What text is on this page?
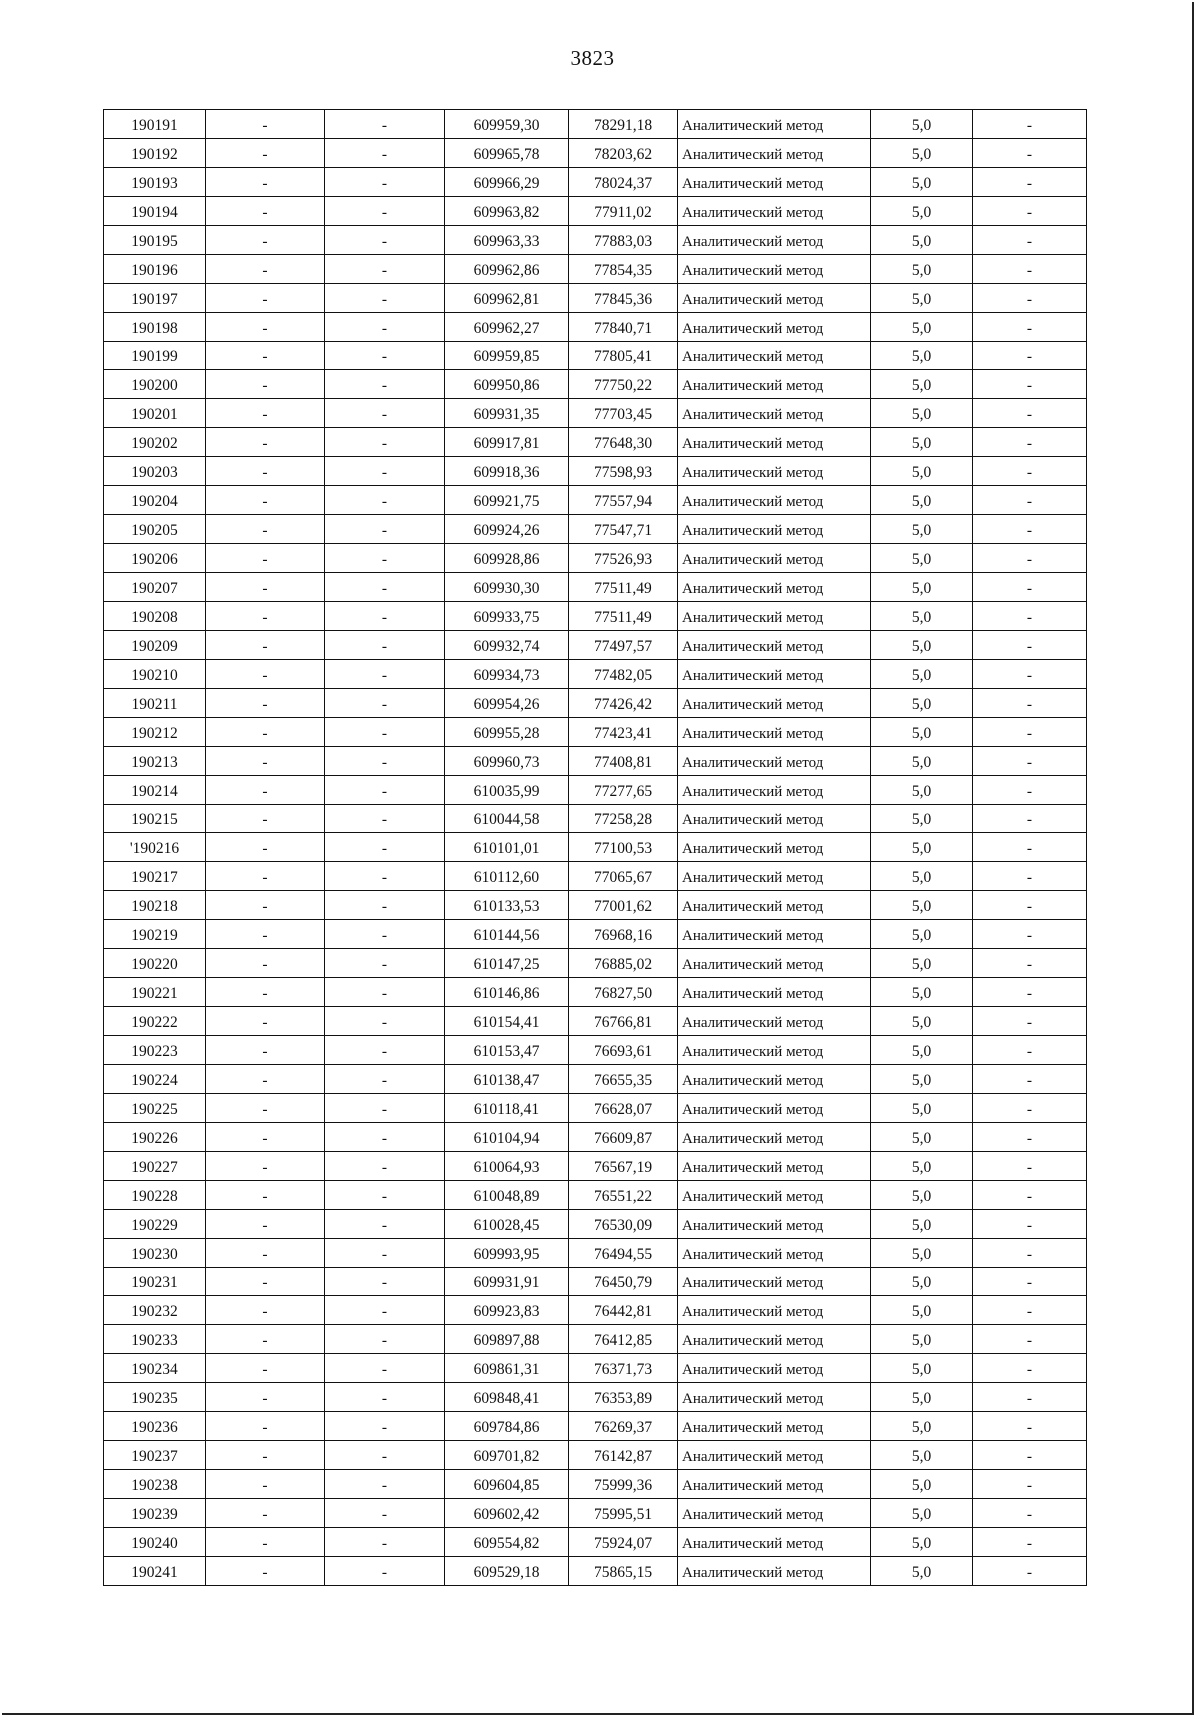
3823
190191	-	-	609959,30	78291,18	Аналитический метод	5,0	-
190192	-	-	609965,78	78203,62	Аналитический метод	5,0	-
190193	-	-	609966,29	78024,37	Аналитический метод	5,0	-
190194	-	-	609963,82	77911,02	Аналитический метод	5,0	-
190195	-	-	609963,33	77883,03	Аналитический метод	5,0	-
190196	-	-	609962,86	77854,35	Аналитический метод	5,0	-
190197	-	-	609962,81	77845,36	Аналитический метод	5,0	-
190198	-	-	609962,27	77840,71	Аналитический метод	5,0	-
190199	-	-	609959,85	77805,41	Аналитический метод	5,0	-
190200	-	-	609950,86	77750,22	Аналитический метод	5,0	-
190201	-	-	609931,35	77703,45	Аналитический метод	5,0	-
190202	-	-	609917,81	77648,30	Аналитический метод	5,0	-
190203	-	-	609918,36	77598,93	Аналитический метод	5,0	-
190204	-	-	609921,75	77557,94	Аналитический метод	5,0	-
190205	-	-	609924,26	77547,71	Аналитический метод	5,0	-
190206	-	-	609928,86	77526,93	Аналитический метод	5,0	-
190207	-	-	609930,30	77511,49	Аналитический метод	5,0	-
190208	-	-	609933,75	77511,49	Аналитический метод	5,0	-
190209	-	-	609932,74	77497,57	Аналитический метод	5,0	-
190210	-	-	609934,73	77482,05	Аналитический метод	5,0	-
190211	-	-	609954,26	77426,42	Аналитический метод	5,0	-
190212	-	-	609955,28	77423,41	Аналитический метод	5,0	-
190213	-	-	609960,73	77408,81	Аналитический метод	5,0	-
190214	-	-	610035,99	77277,65	Аналитический метод	5,0	-
190215	-	-	610044,58	77258,28	Аналитический метод	5,0	-
'190216	-	-	610101,01	77100,53	Аналитический метод	5,0	-
190217	-	-	610112,60	77065,67	Аналитический метод	5,0	-
190218	-	-	610133,53	77001,62	Аналитический метод	5,0	-
190219	-	-	610144,56	76968,16	Аналитический метод	5,0	-
190220	-	-	610147,25	76885,02	Аналитический метод	5,0	-
190221	-	-	610146,86	76827,50	Аналитический метод	5,0	-
190222	-	-	610154,41	76766,81	Аналитический метод	5,0	-
190223	-	-	610153,47	76693,61	Аналитический метод	5,0	-
190224	-	-	610138,47	76655,35	Аналитический метод	5,0	-
190225	-	-	610118,41	76628,07	Аналитический метод	5,0	-
190226	-	-	610104,94	76609,87	Аналитический метод	5,0	-
190227	-	-	610064,93	76567,19	Аналитический метод	5,0	-
190228	-	-	610048,89	76551,22	Аналитический метод	5,0	-
190229	-	-	610028,45	76530,09	Аналитический метод	5,0	-
190230	-	-	609993,95	76494,55	Аналитический метод	5,0	-
190231	-	-	609931,91	76450,79	Аналитический метод	5,0	-
190232	-	-	609923,83	76442,81	Аналитический метод	5,0	-
190233	-	-	609897,88	76412,85	Аналитический метод	5,0	-
190234	-	-	609861,31	76371,73	Аналитический метод	5,0	-
190235	-	-	609848,41	76353,89	Аналитический метод	5,0	-
190236	-	-	609784,86	76269,37	Аналитический метод	5,0	-
190237	-	-	609701,82	76142,87	Аналитический метод	5,0	-
190238	-	-	609604,85	75999,36	Аналитический метод	5,0	-
190239	-	-	609602,42	75995,51	Аналитический метод	5,0	-
190240	-	-	609554,82	75924,07	Аналитический метод	5,0	-
190241	-	-	609529,18	75865,15	Аналитический метод	5,0	-
